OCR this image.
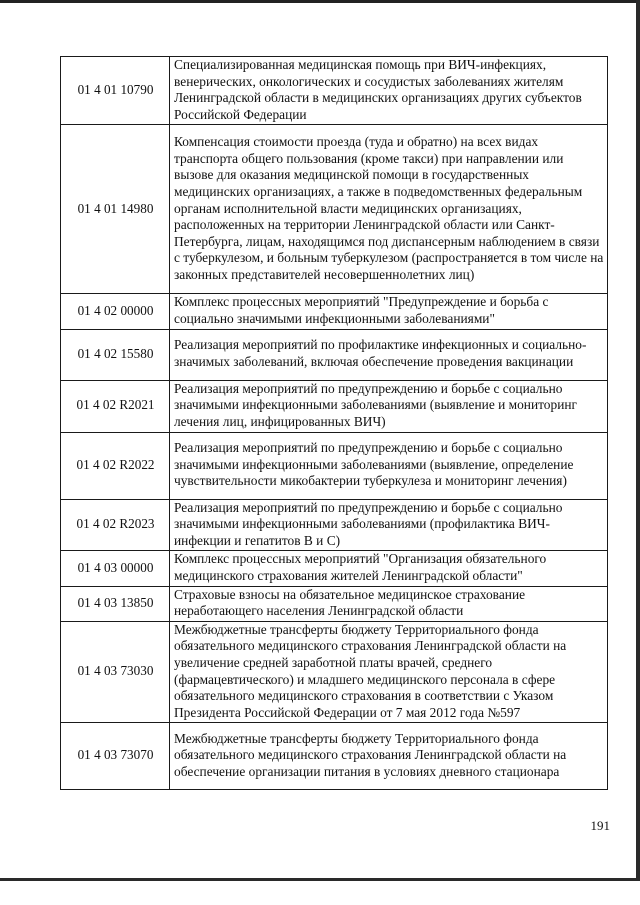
01 4 01 10790	Специализированная медицинская помощь при ВИЧ-инфекциях, венерических, онкологических и сосудистых заболеваниях жителям Ленинградской области в медицинских организациях других субъектов Российской Федерации
01 4 01 14980	Компенсация стоимости проезда (туда и обратно) на всех видах транспорта общего пользования (кроме такси) при направлении или вызове для оказания медицинской помощи в государственных медицинских организациях, а также в подведомственных федеральным органам исполнительной власти медицинских организациях, расположенных на территории Ленинградской области или Санкт-Петербурга, лицам, находящимся под диспансерным наблюдением в связи с туберкулезом, и больным туберкулезом (распространяется в том числе на законных представителей несовершеннолетних лиц)
01 4 02 00000	Комплекс процессных мероприятий "Предупреждение и борьба с социально значимыми инфекционными заболеваниями"
01 4 02 15580	Реализация мероприятий по профилактике инфекционных и социально-значимых заболеваний, включая обеспечение проведения вакцинации
01 4 02 R2021	Реализация мероприятий по предупреждению и борьбе с социально значимыми инфекционными заболеваниями (выявление и мониторинг лечения лиц, инфицированных ВИЧ)
01 4 02 R2022	Реализация мероприятий по предупреждению и борьбе с социально значимыми инфекционными заболеваниями (выявление, определение чувствительности микобактерии туберкулеза и мониторинг лечения)
01 4 02 R2023	Реализация мероприятий по предупреждению и борьбе с социально значимыми инфекционными заболеваниями (профилактика ВИЧ-инфекции и гепатитов В и С)
01 4 03 00000	Комплекс процессных мероприятий "Организация обязательного медицинского страхования жителей Ленинградской области"
01 4 03 13850	Страховые взносы на обязательное медицинское страхование неработающего населения Ленинградской области
01 4 03 73030	Межбюджетные трансферты бюджету Территориального фонда обязательного медицинского страхования Ленинградской области на увеличение средней заработной платы врачей, среднего (фармацевтического) и младшего медицинского персонала в сфере обязательного медицинского страхования в соответствии с Указом Президента Российской Федерации от 7 мая 2012 года №597
01 4 03 73070	Межбюджетные трансферты бюджету Территориального фонда обязательного медицинского страхования Ленинградской области на обеспечение организации питания в условиях дневного стационара
191
